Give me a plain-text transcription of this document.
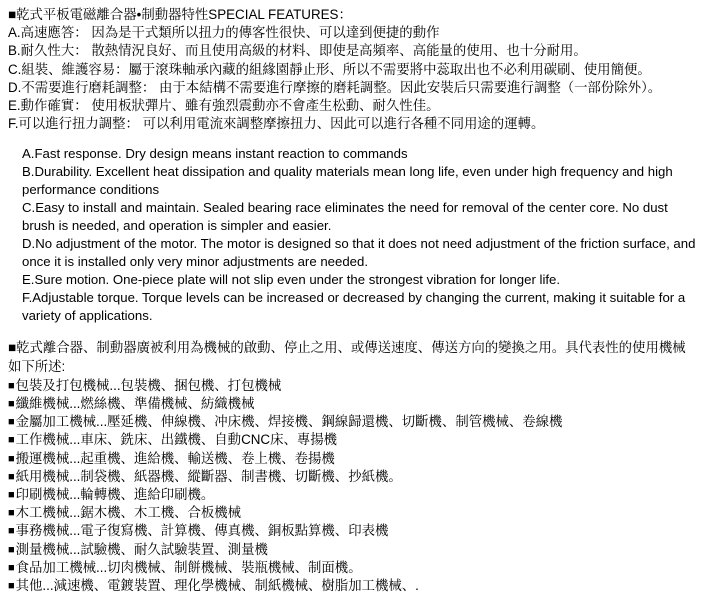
■乾式平板電磁離合器•制動器特性SPECIAL FEATURES：
A.高速應答： 因為是干式類所以扭力的傳客性很快、可以達到便捷的動作
B.耐久性大： 散熱情況良好、而且使用高級的材料、即使是高頻率、高能量的使用、也十分耐用。
C.組裝、維護容易：屬于滾珠軸承內藏的組緣園靜止形、所以不需要將中蕊取出也不必利用碳刷、使用簡便。
D.不需要進行磨耗調整： 由于本結構不需要進行摩擦的磨耗調整。因此安裝后只需要進行調整（一部份除外）。
E.動作確實： 使用板狀彈片、雖有強烈震動亦不會產生松動、耐久性佳。
F.可以進行扭力調整： 可以利用電流來調整摩擦扭力、因此可以進行各種不同用途的運轉。
A.Fast response. Dry design means instant reaction to commands
B.Durability. Excellent heat dissipation and quality materials mean long life, even under high frequency and high performance conditions
C.Easy to install and maintain. Sealed bearing race eliminates the need for removal of the center core. No dust brush is needed, and operation is simpler and easier.
D.No adjustment of the motor. The motor is designed so that it does not need adjustment of the friction surface, and once it is installed only very minor adjustments are needed.
E.Sure motion. One-piece plate will not slip even under the strongest vibration for longer life.
F.Adjustable torque. Torque levels can be increased or decreased by changing the current, making it suitable for a variety of applications.
■乾式離合器、制動器廣被利用為機械的啟動、停止之用、或傳送速度、傳送方向的變換之用。具代表性的使用機械
如下所述:
■ 包裝及打包機械...包裝機、捆包機、打包機械
■ 纖維機械...燃絲機、準備機械、紡織機械
■ 金屬加工機械...壓延機、伸線機、冲床機、焊接機、鋼線歸還機、切斷機、制管機械、卷線機
■ 工作機械...車床、銑床、出鐵機、自動CNC床、專揚機
■ 搬運機械...起重機、進給機、輸送機、卷上機、卷揚機
■ 紙用機械...制袋機、紙器機、縱斷器、制書機、切斷機、抄紙機。
■ 印刷機械...輪轉機、進給印刷機。
■ 木工機械...鋸木機、木工機、合板機械
■ 事務機械...電子復寫機、計算機、傳真機、銅板點算機、印表機
■ 測量機械...試驗機、耐久試驗裝置、測量機
■ 食品加工機械...切肉機械、制餅機械、裝瓶機械、制面機。
■ 其他...減速機、電鍍裝置、理化學機械、制紙機械、樹脂加工機械、.
